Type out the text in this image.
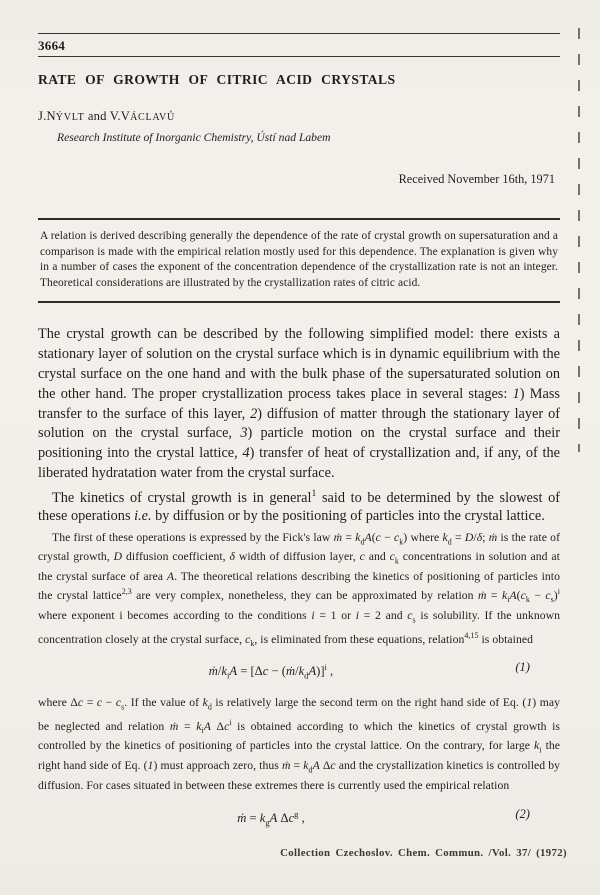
3664
RATE OF GROWTH OF CITRIC ACID CRYSTALS
J.NÝVLT and V.VÁCLAVŮ
Research Institute of Inorganic Chemistry, Ústí nad Labem
Received November 16th, 1971
A relation is derived describing generally the dependence of the rate of crystal growth on supersaturation and a comparison is made with the empirical relation mostly used for this dependence. The explanation is given why in a number of cases the exponent of the concentration dependence of the crystallization rate is not an integer. Theoretical considerations are illustrated by the crystallization rates of citric acid.
The crystal growth can be described by the following simplified model: there exists a stationary layer of solution on the crystal surface which is in dynamic equilibrium with the crystal surface on the one hand and with the bulk phase of the supersaturated solution on the other hand. The proper crystallization process takes place in several stages: 1) Mass transfer to the surface of this layer, 2) diffusion of matter through the stationary layer of solution on the crystal surface, 3) particle motion on the crystal surface and their positioning into the crystal lattice, 4) transfer of heat of crystallization and, if any, of the liberated hydratation water from the crystal surface.
The kinetics of crystal growth is in general$^1$ said to be determined by the slowest of these operations i.e. by diffusion or by the positioning of particles into the crystal lattice.
The first of these operations is expressed by the Fick's law ṁ = $k_dA(c - c_k)$ where $k_d = D/\delta$; ṁ is the rate of crystal growth, D diffusion coefficient, δ width of diffusion layer, c and $c_k$ concentrations in solution and at the crystal surface of area A. The theoretical relations describing the kinetics of positioning of particles into the crystal lattice$^{2,3}$ are very complex, nonetheless, they can be approximated by relation ṁ = $k_iA(c_k - c_s)^i$ where exponent i becomes according to the conditions i = 1 or i = 2 and $c_s$ is solubility. If the unknown concentration closely at the crystal surface, $c_k$, is eliminated from these equations, relation$^{4,15}$ is obtained
$ṁ/k_iA = [\Delta c$ − $(ṁ/k_dA)]^i$ ,	(1)
where $\Delta c = c - c_s$. If the value of $k_d$ is relatively large the second term on the right hand side of Eq. (1) may be neglected and relation ṁ = $k_iA$ $\Delta c^i$ is obtained according to which the kinetics of crystal growth is controlled by the kinetics of positioning of particles into the crystal lattice. On the contrary, for large $k_i$ the right hand side of Eq. (1) must approach zero, thus ṁ = $k_dA$ Δc and the crystallization kinetics is controlled by diffusion. For cases situated in between these extremes there is currently used the empirical relation
ṁ = $k_gA$ $\Delta c^g$ ,	(2)
Collection Czechoslov. Chem. Commun. /Vol. 37/ (1972)
